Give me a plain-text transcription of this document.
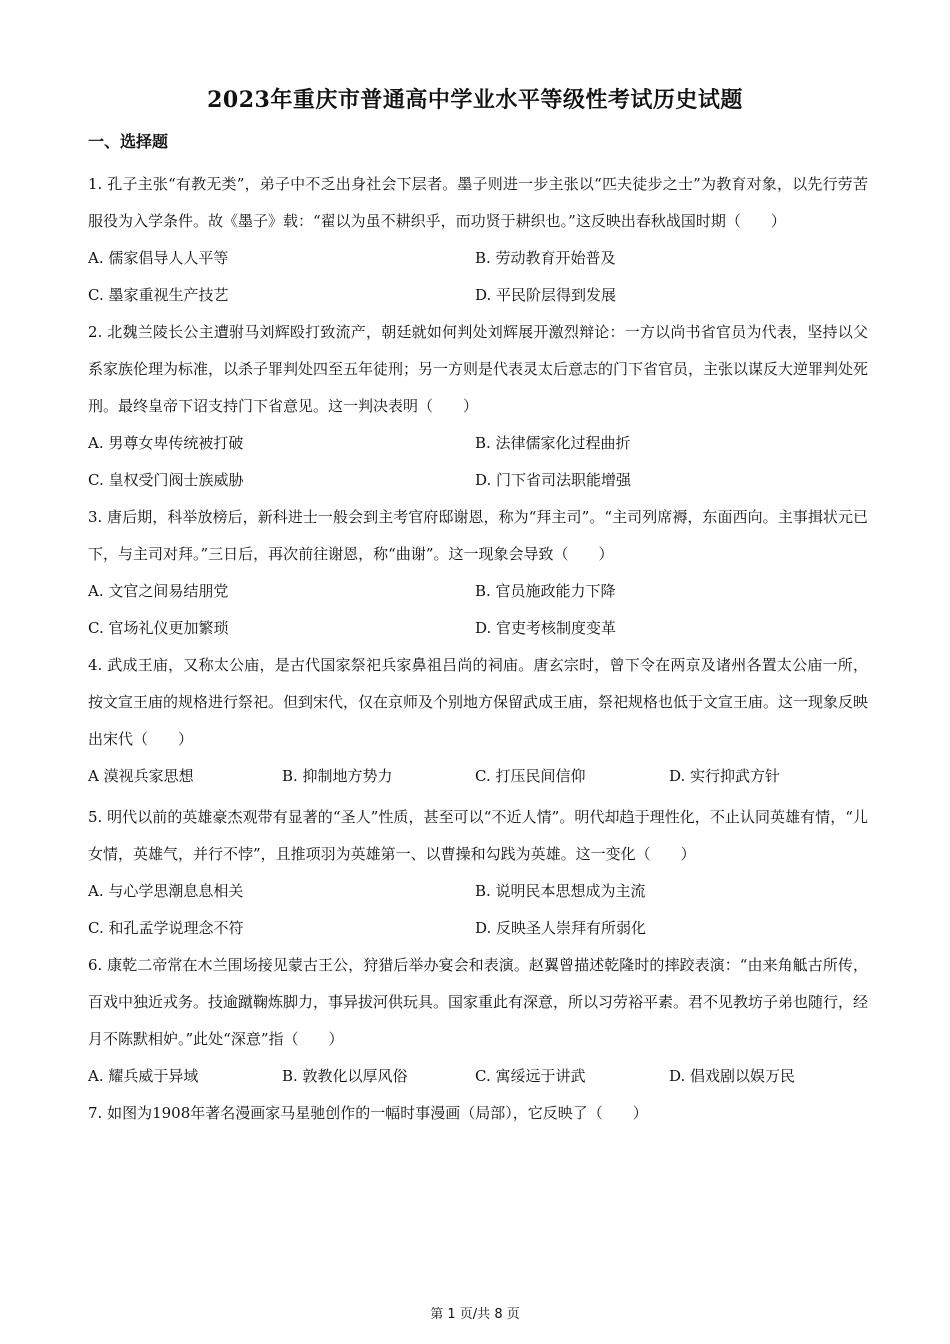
2023年重庆市普通高中学业水平等级性考试历史试题
一、选择题

1. 孔子主张“有教无类”，弟子中不乏出身社会下层者。墨子则进一步主张以“匹夫徒步之士”为教育对象，以先行劳苦服役为入学条件。故《墨子》载：“翟以为虽不耕织乎，而功贤于耕织也。”这反映出春秋战国时期（　　）

A. 儒家倡导人人平等	B. 劳动教育开始普及
C. 墨家重视生产技艺	D. 平民阶层得到发展

2. 北魏兰陵长公主遭驸马刘辉殴打致流产，朝廷就如何判处刘辉展开激烈辩论：一方以尚书省官员为代表，坚持以父系家族伦理为标准，以杀子罪判处四至五年徒刑；另一方则是代表灵太后意志的门下省官员，主张以谋反大逆罪判处死刑。最终皇帝下诏支持门下省意见。这一判决表明（　　）

A. 男尊女卑传统被打破	B. 法律儒家化过程曲折
C. 皇权受门阀士族威胁	D. 门下省司法职能增强

3. 唐后期，科举放榜后，新科进士一般会到主考官府邸谢恩，称为“拜主司”。“主司列席褥，东面西向。主事揖状元已下，与主司对拜。”三日后，再次前往谢恩，称“曲谢”。这一现象会导致（　　）

A. 文官之间易结朋党	B. 官员施政能力下降
C. 官场礼仪更加繁琐	D. 官吏考核制度变革

4. 武成王庙，又称太公庙，是古代国家祭祀兵家鼻祖吕尚的祠庙。唐玄宗时，曾下令在两京及诸州各置太公庙一所，按文宣王庙的规格进行祭祀。但到宋代，仅在京师及个别地方保留武成王庙，祭祀规格也低于文宣王庙。这一现象反映出宋代（　　）

A 漠视兵家思想	B. 抑制地方势力	C. 打压民间信仰	D. 实行抑武方针

5. 明代以前的英雄豪杰观带有显著的“圣人”性质，甚至可以“不近人情”。明代却趋于理性化，不止认同英雄有情，“儿女情，英雄气，并行不悖”，且推项羽为英雄第一、以曹操和勾践为英雄。这一变化（　　）

A. 与心学思潮息息相关	B. 说明民本思想成为主流
C. 和孔孟学说理念不符	D. 反映圣人崇拜有所弱化

6. 康乾二帝常在木兰围场接见蒙古王公，狩猎后举办宴会和表演。赵翼曾描述乾隆时的摔跤表演：“由来角觝古所传，百戏中独近戎务。技逾蹴鞠炼脚力，事异拔河供玩具。国家重此有深意，所以习劳裕平素。君不见教坊子弟也随行，经月不陈默相妒。”此处“深意”指（　　）

A. 耀兵威于异域	B. 敦教化以厚风俗	C. 寓绥远于讲武	D. 倡戏剧以娱万民

7. 如图为1908年著名漫画家马星驰创作的一幅时事漫画（局部），它反映了（　　）

第 1 页/共 8 页
